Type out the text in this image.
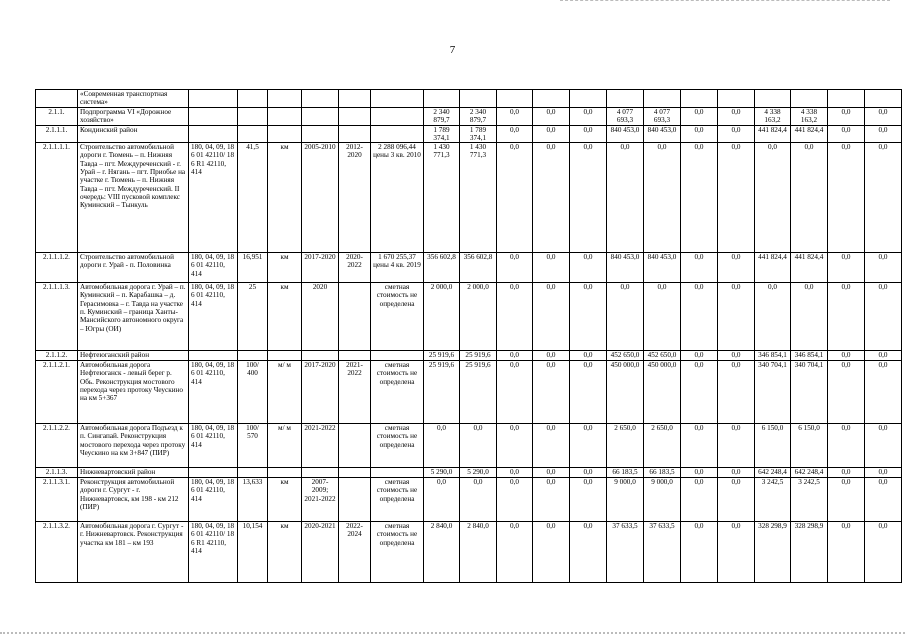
7
	«Современная транспортная система»																			
2.1.1.	Подпрограмма VI «Дорожное хозяйство»							2 340 879,7	2 340 879,7	0,0	0,0	0,0	4 077 693,3	4 077 693,3	0,0	0,0	4 338 163,2	4 338 163,2	0,0	0,0
2.1.1.1.	Кондинский район							1 789 374,1	1 789 374,1	0,0	0,0	0,0	840 453,0	840 453,0	0,0	0,0	441 824,4	441 824,4	0,0	0,0
2.1.1.1.1.	Строительство автомобильной дороги г. Тюмень – п. Нижняя Тавда – пгт. Междуреченский - г. Урай – г. Нягань – пгт. Приобье на участке г. Тюмень – п. Нижняя Тавда – пгт. Междуреченский. II очередь: VIII пусковой комплекс Куминский – Тынкуль	180, 04, 09, 18 6 01 42110/ 18 6 R1 42110, 414	41,5	км	2005-2010	2012-2020	2 288 096,44 цены 3 кв. 2010	1 430 771,3	1 430 771,3	0,0	0,0	0,0	0,0	0,0	0,0	0,0	0,0	0,0	0,0	0,0
2.1.1.1.2.	Строительство автомобильной дороги г. Урай - п. Половинка	180, 04, 09, 18 6 01 42110, 414	16,951	км	2017-2020	2020-2022	1 670 255,37 цены 4 кв. 2019	356 602,8	356 602,8	0,0	0,0	0,0	840 453,0	840 453,0	0,0	0,0	441 824,4	441 824,4	0,0	0,0
2.1.1.1.3.	Автомобильная дорога г. Урай – п. Куминский – п. Карабашка – д. Герасимовка – г. Тавда на участке п. Куминский – граница Ханты-Мансийского автономного округа – Югры (ОИ)	180, 04, 09, 18 6 01 42110, 414	25	км	2020		сметная стоимость не определена	2 000,0	2 000,0	0,0	0,0	0,0	0,0	0,0	0,0	0,0	0,0	0,0	0,0	0,0
2.1.1.2.	Нефтеюганский район							25 919,6	25 919,6	0,0	0,0	0,0	452 650,0	452 650,0	0,0	0,0	346 854,1	346 854,1	0,0	0,0
2.1.1.2.1.	Автомобильная дорога Нефтеюганск - левый берег р. Обь. Реконструкция мостового перехода через протоку Чеускино на км 5+367	180, 04, 09, 18 6 01 42110, 414	100/ 400	м/ м	2017-2020	2021-2022	сметная стоимость не определена	25 919,6	25 919,6	0,0	0,0	0,0	450 000,0	450 000,0	0,0	0,0	340 704,1	340 704,1	0,0	0,0
2.1.1.2.2.	Автомобильная дорога Подъезд к п. Сингапай. Реконструкция мостового перехода через протоку Чеускино на км 3+847 (ПИР)	180, 04, 09, 18 6 01 42110, 414	100/ 570	м/ м	2021-2022		сметная стоимость не определена	0,0	0,0	0,0	0,0	0,0	2 650,0	2 650,0	0,0	0,0	6 150,0	6 150,0	0,0	0,0
2.1.1.3.	Нижневартовский район							5 290,0	5 290,0	0,0	0,0	0,0	66 183,5	66 183,5	0,0	0,0	642 248,4	642 248,4	0,0	0,0
2.1.1.3.1.	Реконструкция автомобильной дороги г. Сургут - г. Нижневартовск, км 198 - км 212 (ПИР)	180, 04, 09, 18 6 01 42110, 414	13,633	км	2007-2009; 2021-2022		сметная стоимость не определена	0,0	0,0	0,0	0,0	0,0	9 000,0	9 000,0	0,0	0,0	3 242,5	3 242,5	0,0	0,0
2.1.1.3.2.	Автомобильная дорога г. Сургут - г. Нижневартовск. Реконструкция участка км 181 – км 193	180, 04, 09, 18 6 01 42110/ 18 6 R1 42110, 414	10,154	км	2020-2021	2022-2024	сметная стоимость не определена	2 840,0	2 840,0	0,0	0,0	0,0	37 633,5	37 633,5	0,0	0,0	328 298,9	328 298,9	0,0	0,0
